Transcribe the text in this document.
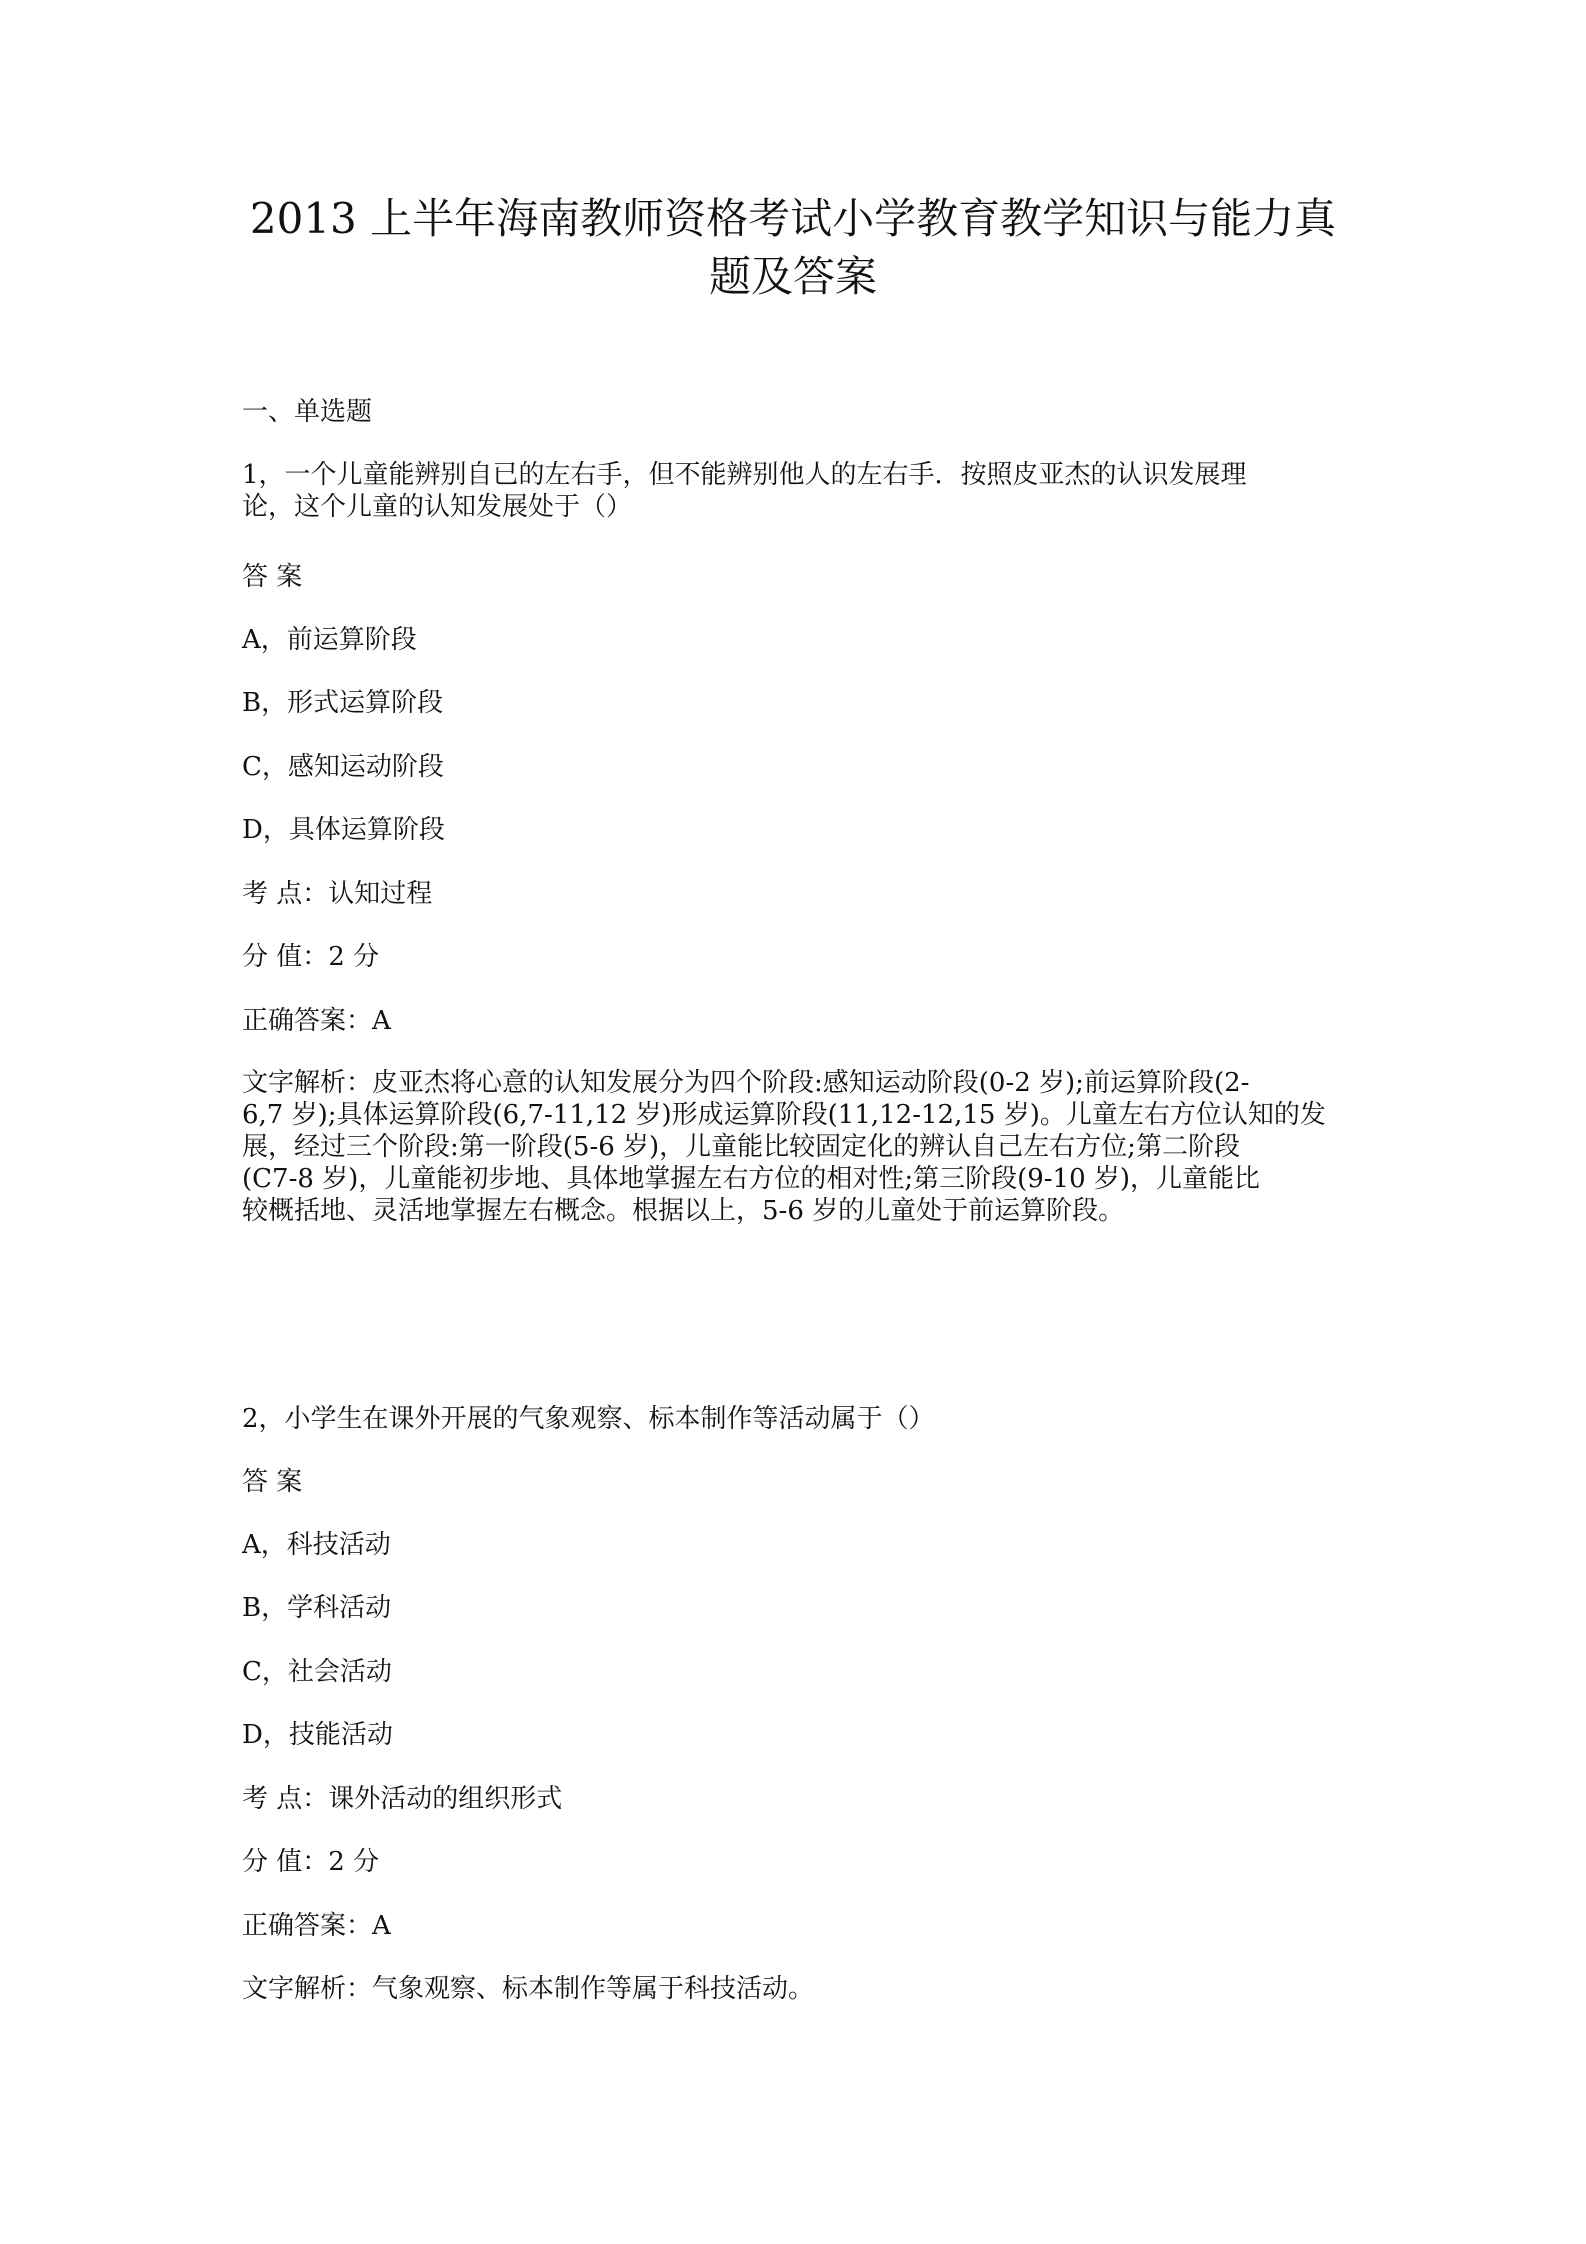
2013 上半年海南教师资格考试小学教育教学知识与能力真
题及答案

一、单选题

1，一个儿童能辨别自已的左右手，但不能辨别他人的左右手．按照皮亚杰的认识发展理
论，这个儿童的认知发展处于（）

答 案

A，前运算阶段

B，形式运算阶段

C，感知运动阶段

D，具体运算阶段

考 点：认知过程

分 值：2 分

正确答案：A

文字解析：皮亚杰将心意的认知发展分为四个阶段:感知运动阶段(0-2 岁);前运算阶段(2-
6,7 岁);具体运算阶段(6,7-11,12 岁)形成运算阶段(11,12-12,15 岁)。儿童左右方位认知的发
展，经过三个阶段:第一阶段(5-6 岁)，儿童能比较固定化的辨认自己左右方位;第二阶段
(C7-8 岁)，儿童能初步地、具体地掌握左右方位的相对性;第三阶段(9-10 岁)，儿童能比
较概括地、灵活地掌握左右概念。根据以上，5-6 岁的儿童处于前运算阶段。

2，小学生在课外开展的气象观察、标本制作等活动属于（）

答 案

A，科技活动

B，学科活动

C，社会活动

D，技能活动

考 点：课外活动的组织形式

分 值：2 分

正确答案：A

文字解析：气象观察、标本制作等属于科技活动。
